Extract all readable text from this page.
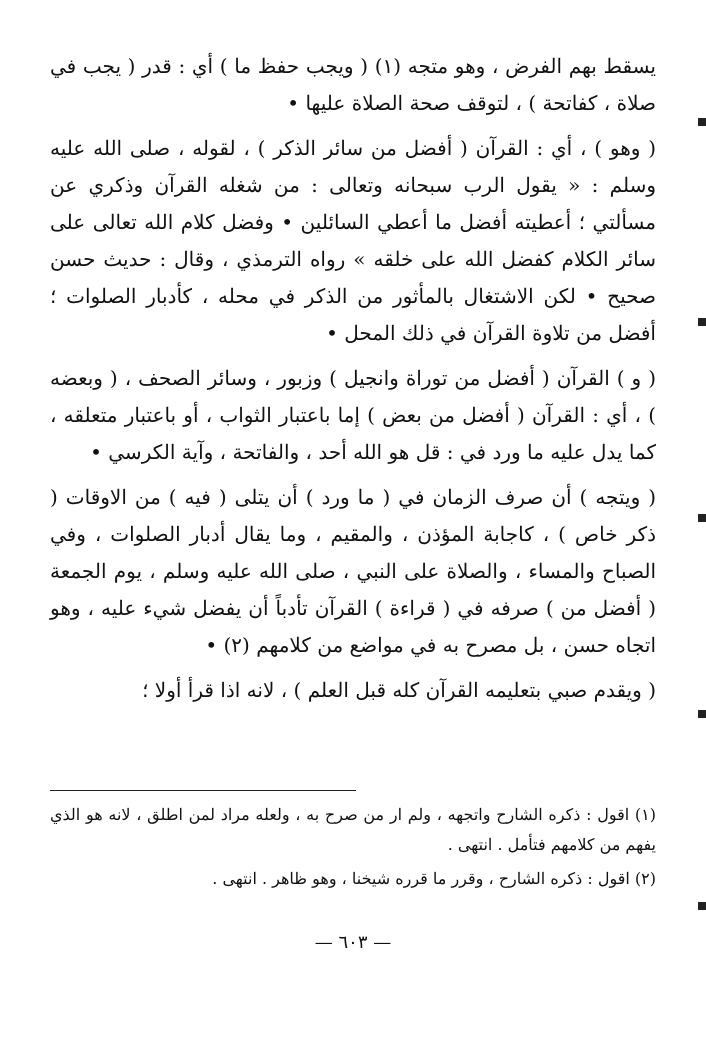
يسقط بهم الفرض ، وهو متجه (١) ( ويجب حفظ ما ) أي : قدر ( يجب في صلاة ، كفاتحة ) ، لتوقف صحة الصلاة عليها •

( وهو ) ، أي : القرآن ( أفضل من سائر الذكر ) ، لقوله ، صلى الله عليه وسلم : « يقول الرب سبحانه وتعالى : من شغله القرآن وذكري عن مسألتي ؛ أعطيته أفضل ما أعطي السائلين • وفضل كلام الله تعالى على سائر الكلام كفضل الله على خلقه » رواه الترمذي ، وقال : حديث حسن صحيح • لكن الاشتغال بالمأثور من الذكر في محله ، كأدبار الصلوات ؛ أفضل من تلاوة القرآن في ذلك المحل •

( و ) القرآن ( أفضل من توراة وانجيل ) وزبور ، وسائر الصحف ، ( وبعضه ) ، أي : القرآن ( أفضل من بعض ) إما باعتبار الثواب ، أو باعتبار متعلقه ، كما يدل عليه ما ورد في : قل هو الله أحد ، والفاتحة ، وآية الكرسي •

( ويتجه ) أن صرف الزمان في ( ما ورد ) أن يتلى ( فيه ) من الاوقات ( ذكر خاص ) ، كاجابة المؤذن ، والمقيم ، وما يقال أدبار الصلوات ، وفي الصباح والمساء ، والصلاة على النبي ، صلى الله عليه وسلم ، يوم الجمعة ( أفضل من ) صرفه في ( قراءة ) القرآن تأدباً أن يفضل شيء عليه ، وهو اتجاه حسن ، بل مصرح به في مواضع من كلامهم (٢) •

( ويقدم صبي بتعليمه القرآن كله قبل العلم ) ، لانه اذا قرأ أولا ؛

(١) اقول : ذكره الشارح واتجهه ، ولم ار من صرح به ، ولعله مراد لمن اطلق ، لانه هو الذي يفهم من كلامهم فتأمل . انتهى .

(٢) اقول : ذكره الشارح ، وقرر ما قرره شيخنا ، وهو ظاهر . انتهى .

— ٦٠٣ —
